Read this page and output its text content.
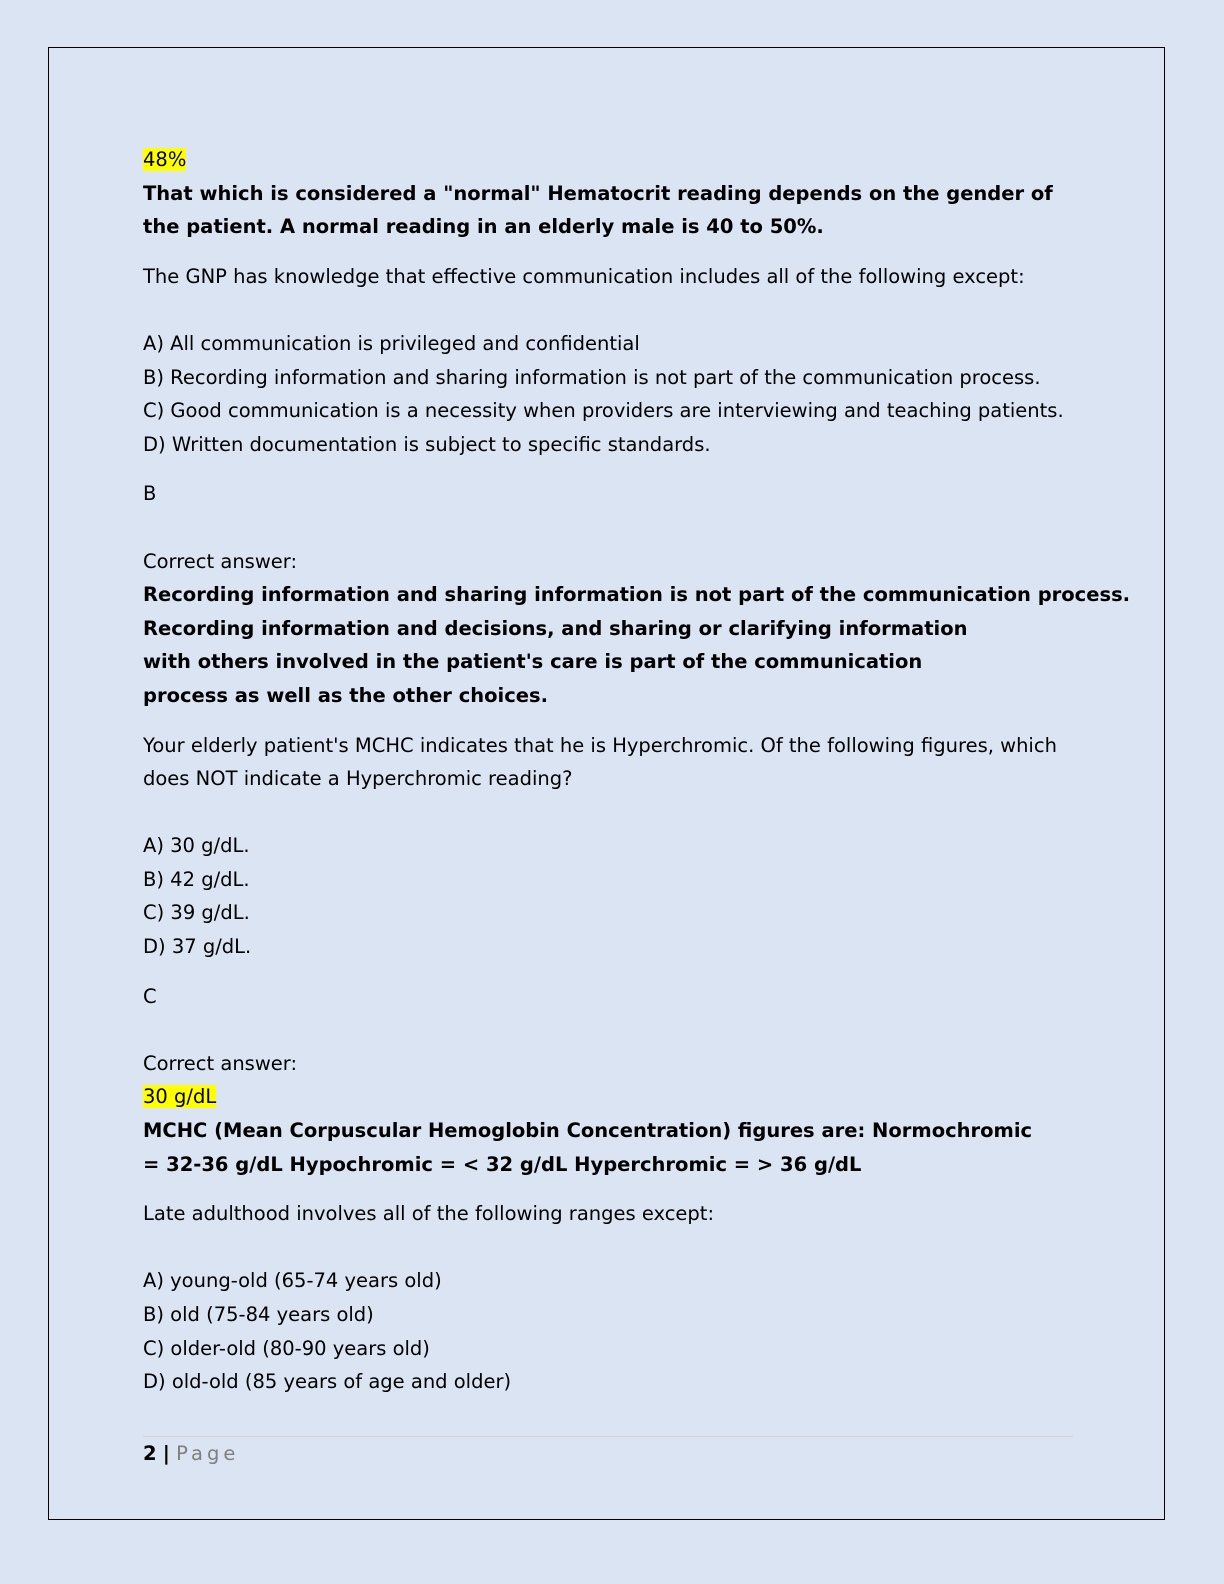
48%
That which is considered a "normal" Hematocrit reading depends on the gender of the patient. A normal reading in an elderly male is 40 to 50%.
The GNP has knowledge that effective communication includes all of the following except:
A) All communication is privileged and confidential
B) Recording information and sharing information is not part of the communication process.
C) Good communication is a necessity when providers are interviewing and teaching patients.
D) Written documentation is subject to specific standards.
B
Correct answer:
Recording information and sharing information is not part of the communication process.
Recording information and decisions, and sharing or clarifying information with others involved in the patient's care is part of the communication process as well as the other choices.
Your elderly patient's MCHC indicates that he is Hyperchromic. Of the following figures, which does NOT indicate a Hyperchromic reading?
A) 30 g/dL.
B) 42 g/dL.
C) 39 g/dL.
D) 37 g/dL.
C
Correct answer:
30 g/dL
MCHC (Mean Corpuscular Hemoglobin Concentration) figures are: Normochromic = 32-36 g/dL Hypochromic = < 32 g/dL Hyperchromic = > 36 g/dL
Late adulthood involves all of the following ranges except:
A) young-old (65-74 years old)
B) old (75-84 years old)
C) older-old (80-90 years old)
D) old-old (85 years of age and older)
2 | Page
